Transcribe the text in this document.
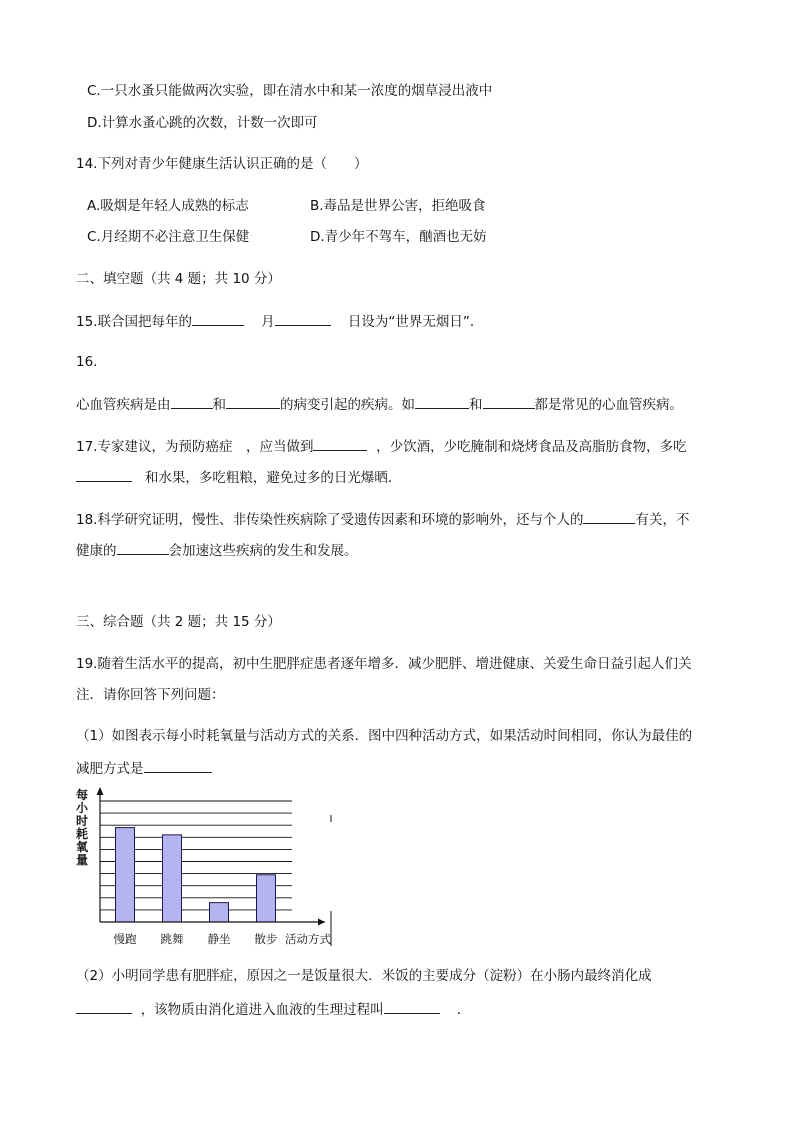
C.一只水蚤只能做两次实验，即在清水中和某一浓度的烟草浸出液中
D.计算水蚤心跳的次数，计数一次即可
14.下列对青少年健康生活认识正确的是（　　）
A.吸烟是年轻人成熟的标志	B.毒品是世界公害，拒绝吸食
C.月经期不必注意卫生保健	D.青少年不驾车，酗酒也无妨
二、填空题（共 4 题；共 10 分）
15.联合国把每年的	月	日设为“世界无烟日”．
16.
心血管疾病是由	和	的病变引起的疾病。如	和	都是常见的心血管疾病。
17.专家建议，为预防癌症　，应当做到	，少饮酒，少吃腌制和烧烤食品及高脂肪食物，多吃
和水果，多吃粗粮，避免过多的日光爆晒．
18.科学研究证明，慢性、非传染性疾病除了受遗传因素和环境的影响外，还与个人的	有关，不
健康的	会加速这些疾病的发生和发展。
三、综合题（共 2 题；共 15 分）
19.随着生活水平的提高，初中生肥胖症患者逐年增多．减少肥胖、增进健康、关爱生命日益引起人们关
注．请你回答下列问题：
（1）如图表示每小时耗氧量与活动方式的关系．图中四种活动方式，如果活动时间相同，你认为最佳的
减肥方式是
每小时耗氧量
慢跑 跳舞 静坐 散步 活动方式
（2）小明同学患有肥胖症，原因之一是饭量很大．米饭的主要成分（淀粉）在小肠内最终消化成
，该物质由消化道进入血液的生理过程叫	．
